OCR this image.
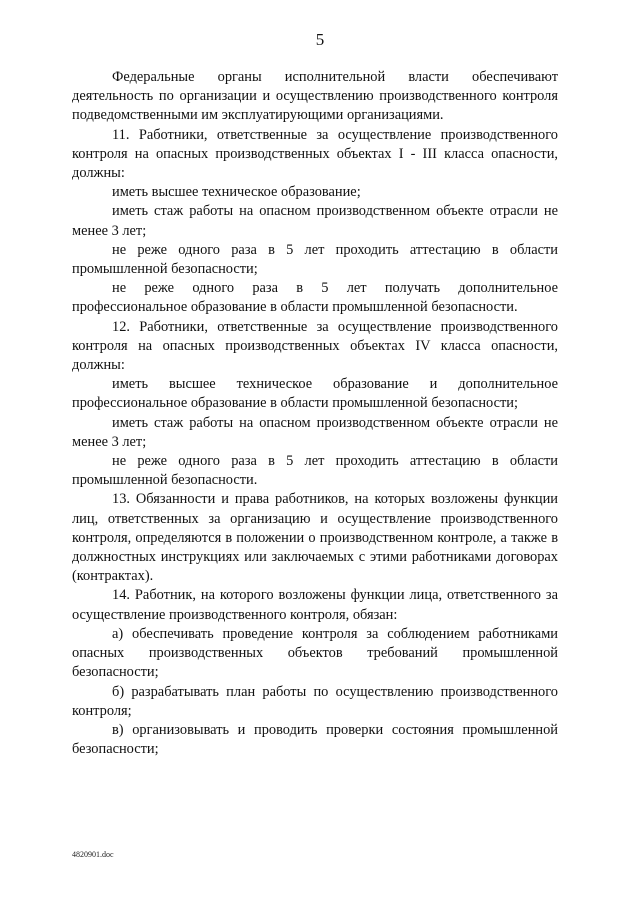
5

Федеральные органы исполнительной власти обеспечивают деятельность по организации и осуществлению производственного контроля подведомственными им эксплуатирующими организациями.

11. Работники, ответственные за осуществление производственного контроля на опасных производственных объектах I - III класса опасности, должны:

иметь высшее техническое образование;

иметь стаж работы на опасном производственном объекте отрасли не менее 3 лет;

не реже одного раза в 5 лет проходить аттестацию в области промышленной безопасности;

не реже одного раза в 5 лет получать дополнительное профессиональное образование в области промышленной безопасности.

12. Работники, ответственные за осуществление производственного контроля на опасных производственных объектах IV класса опасности, должны:

иметь высшее техническое образование и дополнительное профессиональное образование в области промышленной безопасности;

иметь стаж работы на опасном производственном объекте отрасли не менее 3 лет;

не реже одного раза в 5 лет проходить аттестацию в области промышленной безопасности.

13. Обязанности и права работников, на которых возложены функции лиц, ответственных за организацию и осуществление производственного контроля, определяются в положении о производственном контроле, а также в должностных инструкциях или заключаемых с этими работниками договорах (контрактах).

14. Работник, на которого возложены функции лица, ответственного за осуществление производственного контроля, обязан:

а) обеспечивать проведение контроля за соблюдением работниками опасных производственных объектов требований промышленной безопасности;

б) разрабатывать план работы по осуществлению производственного контроля;

в) организовывать и проводить проверки состояния промышленной безопасности;

4820901.doc
